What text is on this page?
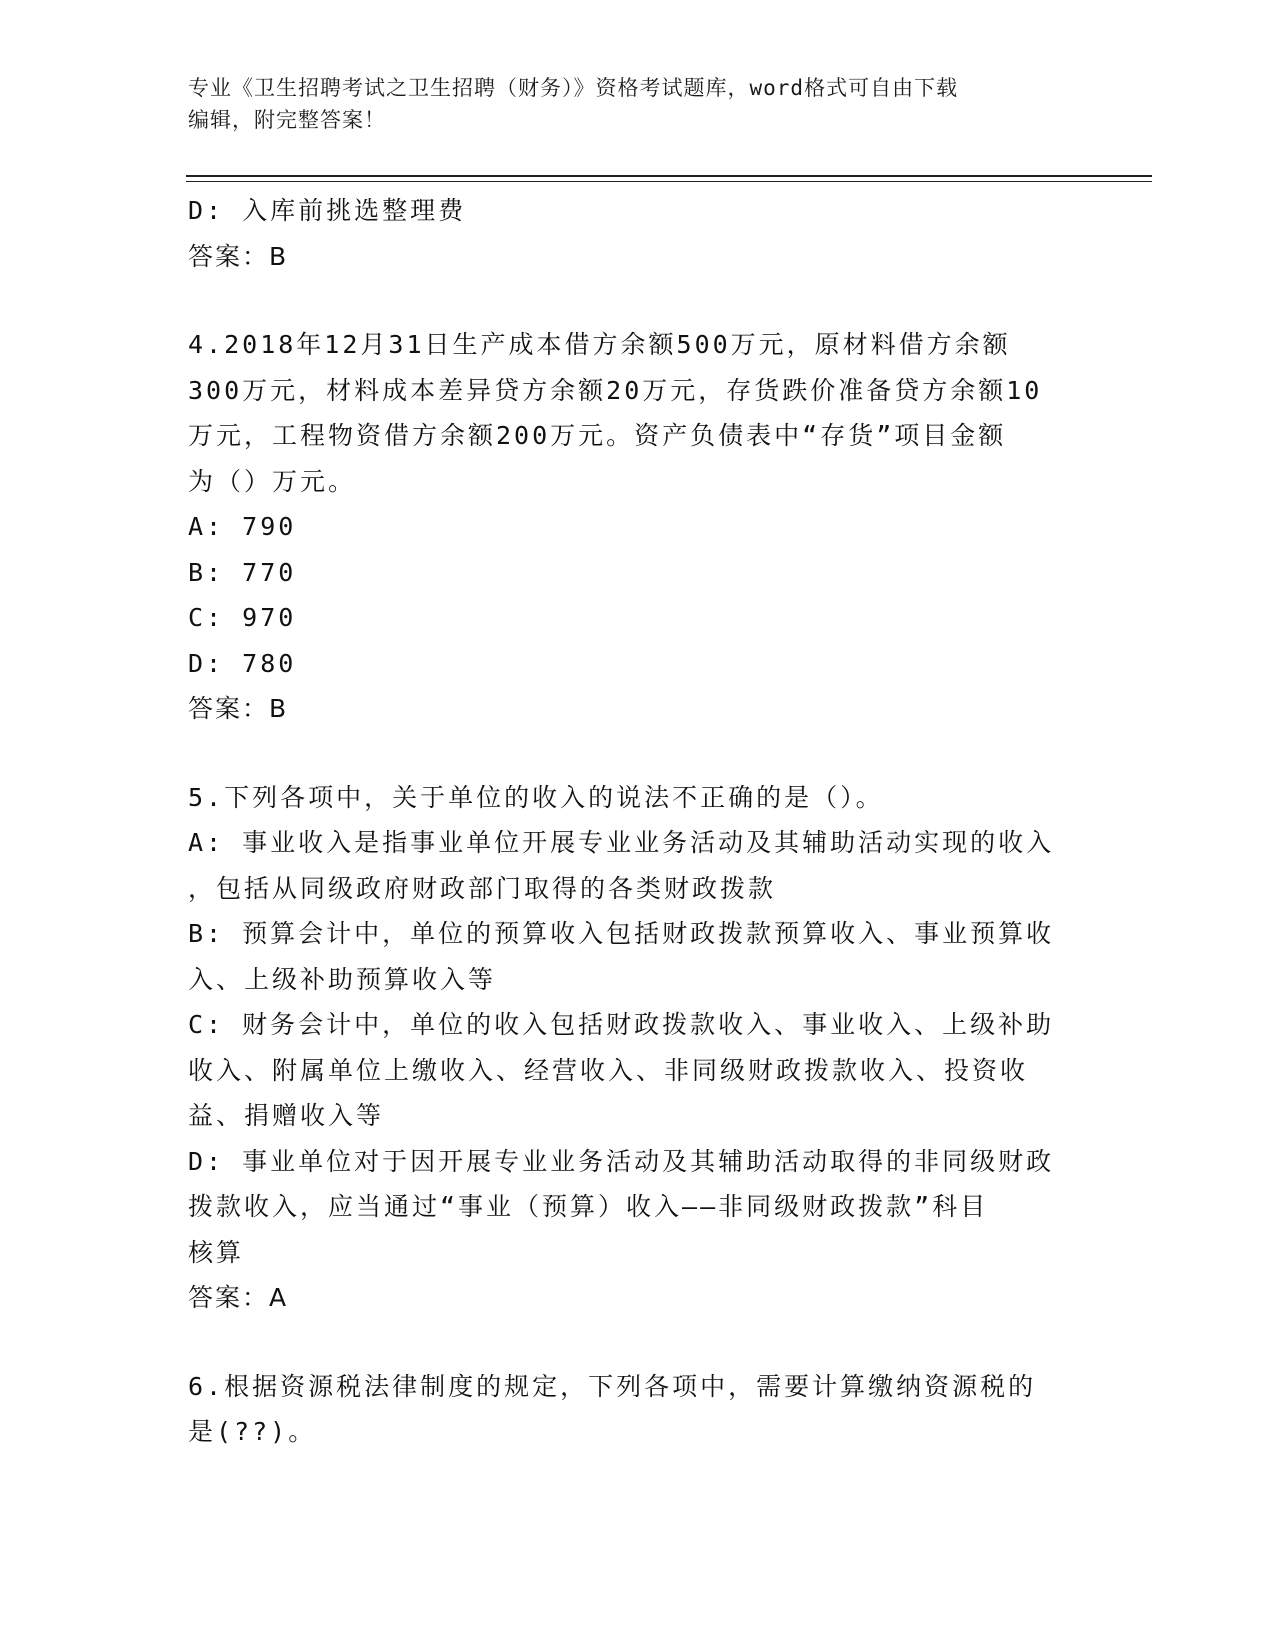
专业《卫生招聘考试之卫生招聘（财务）》资格考试题库，word格式可自由下载
编辑，附完整答案！
D: 入库前挑选整理费
答案：B
4.2018年12月31日生产成本借方余额500万元，原材料借方余额
300万元，材料成本差异贷方余额20万元，存货跌价准备贷方余额10
万元，工程物资借方余额200万元。资产负债表中“存货”项目金额
为（）万元。
A: 790
B: 770
C: 970
D: 780
答案：B
5.下列各项中，关于单位的收入的说法不正确的是（）。
A: 事业收入是指事业单位开展专业业务活动及其辅助活动实现的收入
，包括从同级政府财政部门取得的各类财政拨款
B: 预算会计中，单位的预算收入包括财政拨款预算收入、事业预算收
入、上级补助预算收入等
C: 财务会计中，单位的收入包括财政拨款收入、事业收入、上级补助
收入、附属单位上缴收入、经营收入、非同级财政拨款收入、投资收
益、捐赠收入等
D: 事业单位对于因开展专业业务活动及其辅助活动取得的非同级财政
拨款收入，应当通过“事业（预算）收入——非同级财政拨款”科目
核算
答案：A
6.根据资源税法律制度的规定，下列各项中，需要计算缴纳资源税的
是(??)。
